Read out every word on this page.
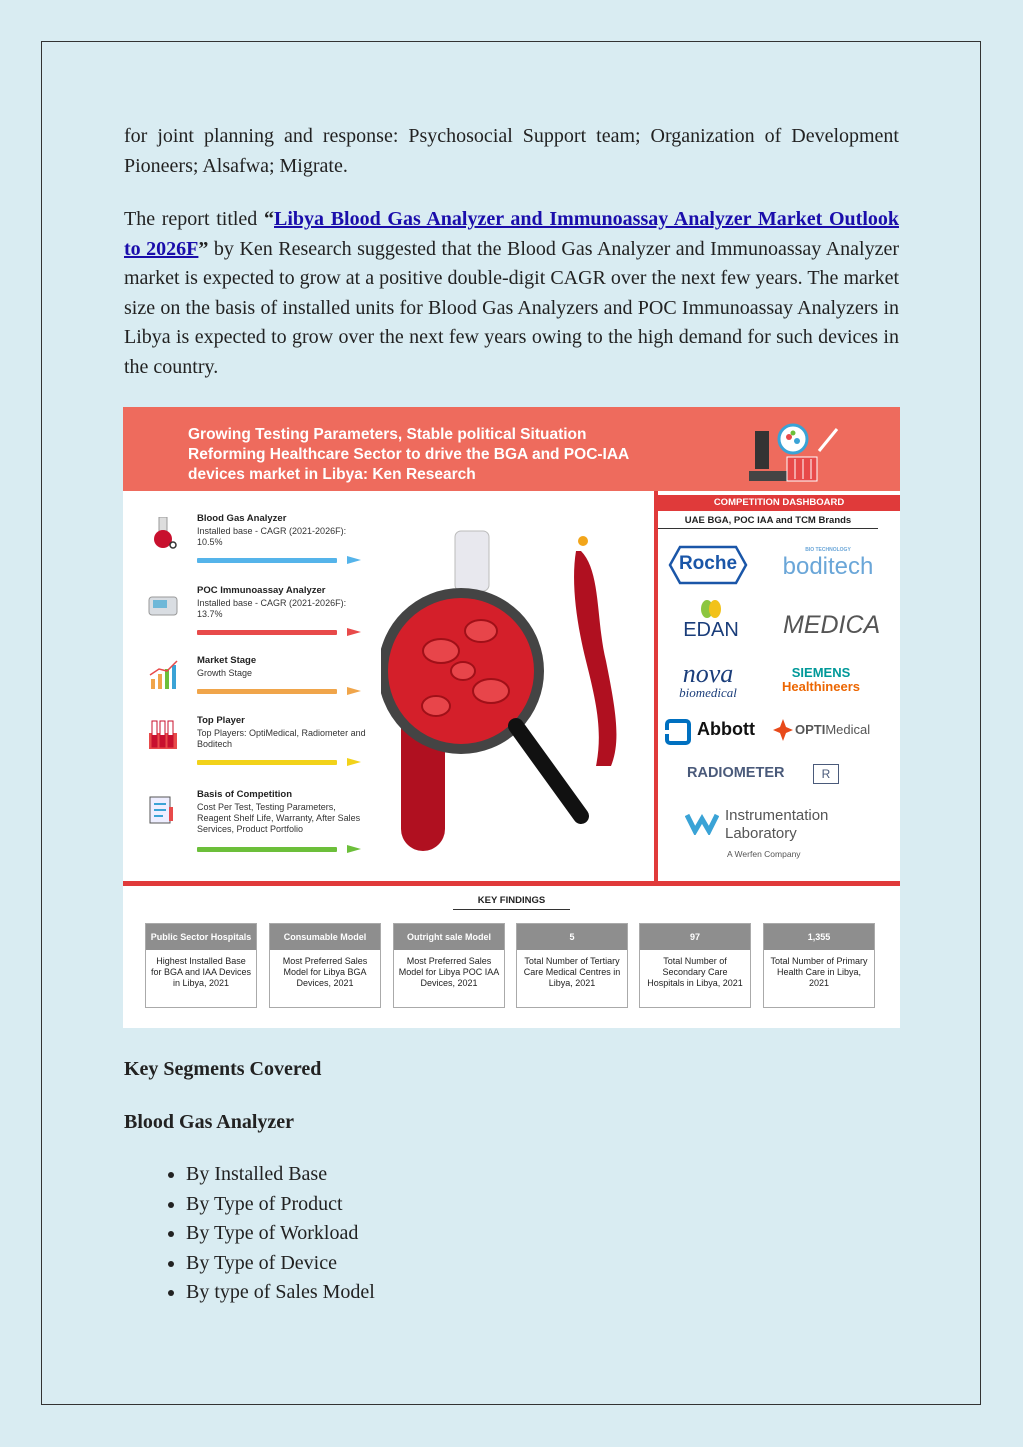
for joint planning and response: Psychosocial Support team; Organization of Development Pioneers; Alsafwa; Migrate.

The report titled “Libya Blood Gas Analyzer and Immunoassay Analyzer Market Outlook to 2026F” by Ken Research suggested that the Blood Gas Analyzer and Immunoassay Analyzer market is expected to grow at a positive double-digit CAGR over the next few years. The market size on the basis of installed units for Blood Gas Analyzers and POC Immunoassay Analyzers in Libya is expected to grow over the next few years owing to the high demand for such devices in the country.

Growing Testing Parameters, Stable political Situation
Reforming Healthcare Sector to drive the BGA and POC-IAA
devices market in Libya: Ken Research

Blood Gas Analyzer

Installed base - CAGR (2021-2026F): 10.5%

POC Immunoassay Analyzer

Installed base - CAGR (2021-2026F): 13.7%

Market Stage

Growth Stage

Top Player

Top Players: OptiMedical, Radiometer and Boditech

Basis of Competition

Cost Per Test, Testing Parameters, Reagent Shelf Life, Warranty, After Sales Services, Product Portfolio

COMPETITION DASHBOARD

UAE BGA, POC IAA and TCM Brands

Roche

BIO TECHNOLOGY

boditech

EDAN	MEDICA

nova

biomedical

SIEMENS

Healthineers

Abbott	OPTIMedical

RADIOMETER	R

Instrumentation

Laboratory

A Werfen Company

KEY FINDINGS

Public Sector Hospitals
Highest Installed Base for BGA and IAA Devices in Libya, 2021
Consumable Model
Most Preferred Sales Model for Libya BGA Devices, 2021
Outright sale Model
Most Preferred Sales Model for Libya POC IAA Devices, 2021
5
Total Number of Tertiary Care Medical Centres in Libya, 2021
97
Total Number of Secondary Care Hospitals in Libya, 2021
1,355
Total Number of Primary Health Care in Libya, 2021

Key Segments Covered

Blood Gas Analyzer

• By Installed Base
• By Type of Product
• By Type of Workload
• By Type of Device
• By type of Sales Model
